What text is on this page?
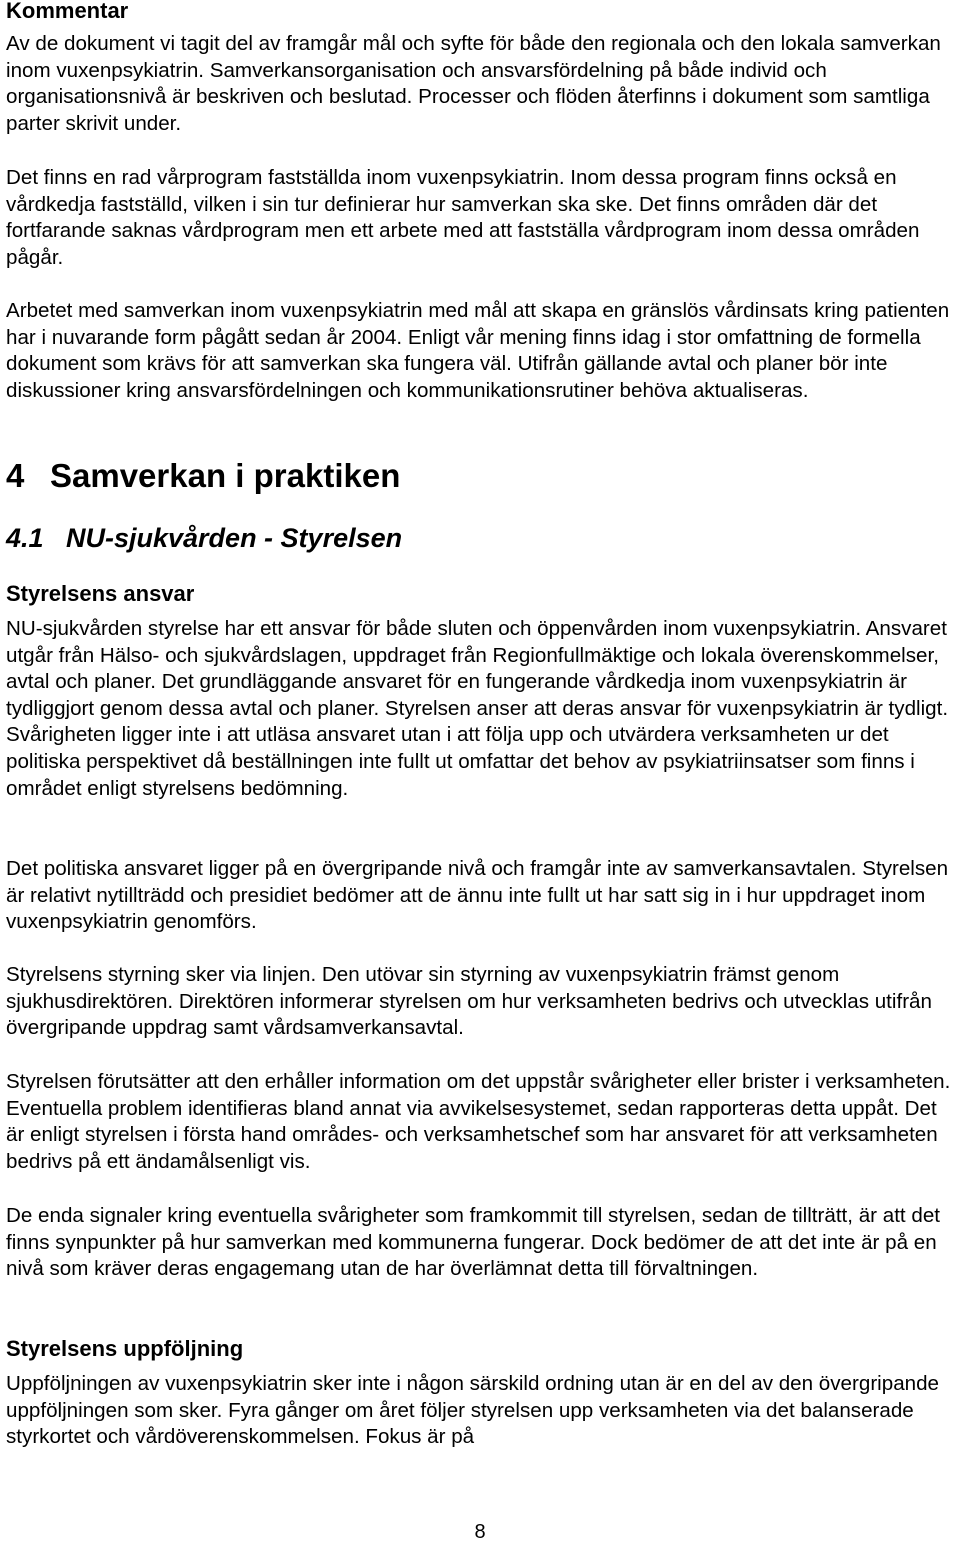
Kommentar

Av de dokument vi tagit del av framgår mål och syfte för både den regionala och den lokala samverkan inom vuxenpsykiatrin. Samverkansorganisation och ansvarsfördelning på både individ och organisationsnivå är beskriven och beslutad. Processer och flöden återfinns i dokument som samtliga parter skrivit under.

Det finns en rad vårprogram fastställda inom vuxenpsykiatrin. Inom dessa program finns också en vårdkedja fastställd, vilken i sin tur definierar hur samverkan ska ske. Det finns områden där det fortfarande saknas vårdprogram men ett arbete med att fastställa vårdprogram inom dessa områden pågår.

Arbetet med samverkan inom vuxenpsykiatrin med mål att skapa en gränslös vårdinsats kring patienten har i nuvarande form pågått sedan år 2004. Enligt vår mening finns idag i stor omfattning de formella dokument som krävs för att samverkan ska fungera väl. Utifrån gällande avtal och planer bör inte diskussioner kring ansvarsfördelningen och kommunikationsrutiner behöva aktualiseras.

4 Samverkan i praktiken
4.1 NU-sjukvården - Styrelsen
Styrelsens ansvar

NU-sjukvården styrelse har ett ansvar för både sluten och öppenvården inom vuxenpsykiatrin. Ansvaret utgår från Hälso- och sjukvårdslagen, uppdraget från Regionfullmäktige och lokala överenskommelser, avtal och planer. Det grundläggande ansvaret för en fungerande vårdkedja inom vuxenpsykiatrin är tydliggjort genom dessa avtal och planer. Styrelsen anser att deras ansvar för vuxenpsykiatrin är tydligt. Svårigheten ligger inte i att utläsa ansvaret utan i att följa upp och utvärdera verksamheten ur det politiska perspektivet då beställningen inte fullt ut omfattar det behov av psykiatriinsatser som finns i området enligt styrelsens bedömning.

Det politiska ansvaret ligger på en övergripande nivå och framgår inte av samverkansavtalen. Styrelsen är relativt nytillträdd och presidiet bedömer att de ännu inte fullt ut har satt sig in i hur uppdraget inom vuxenpsykiatrin genomförs.

Styrelsens styrning sker via linjen. Den utövar sin styrning av vuxenpsykiatrin främst genom sjukhusdirektören. Direktören informerar styrelsen om hur verksamheten bedrivs och utvecklas utifrån övergripande uppdrag samt vårdsamverkansavtal.

Styrelsen förutsätter att den erhåller information om det uppstår svårigheter eller brister i verksamheten. Eventuella problem identifieras bland annat via avvikelsesystemet, sedan rapporteras detta uppåt. Det är enligt styrelsen i första hand områdes- och verksamhetschef som har ansvaret för att verksamheten bedrivs på ett ändamålsenligt vis.

De enda signaler kring eventuella svårigheter som framkommit till styrelsen, sedan de tillträtt, är att det finns synpunkter på hur samverkan med kommunerna fungerar. Dock bedömer de att det inte är på en nivå som kräver deras engagemang utan de har överlämnat detta till förvaltningen.

Styrelsens uppföljning

Uppföljningen av vuxenpsykiatrin sker inte i någon särskild ordning utan är en del av den övergripande uppföljningen som sker. Fyra gånger om året följer styrelsen upp verksamheten via det balanserade styrkortet och vårdöverenskommelsen. Fokus är på

8
